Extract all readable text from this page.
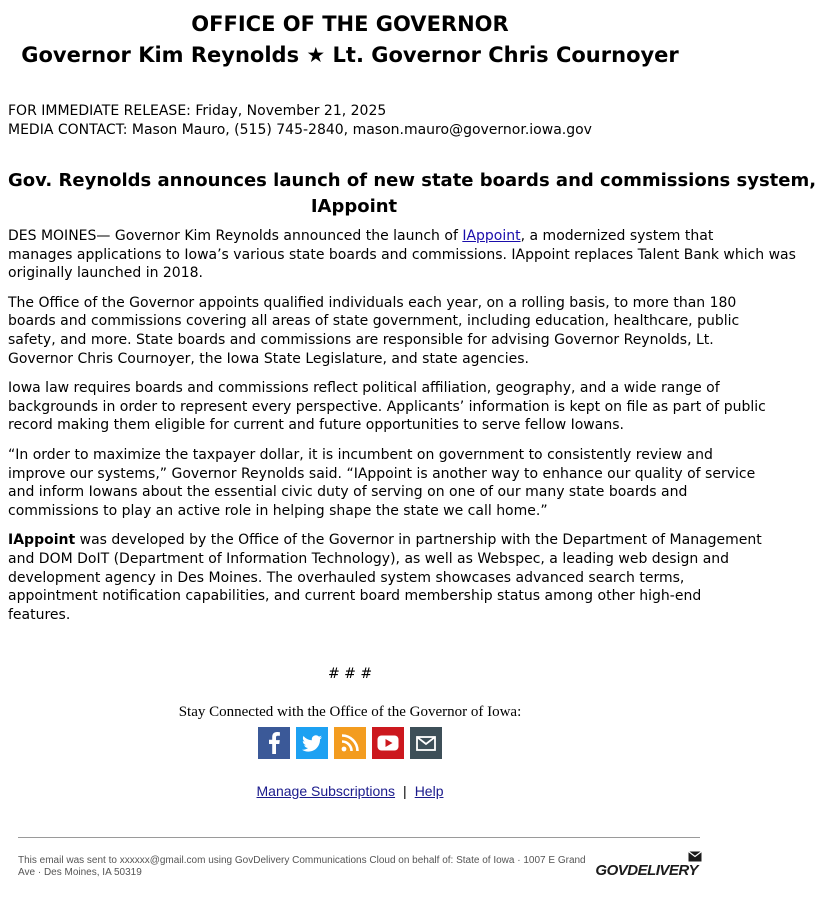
OFFICE OF THE GOVERNOR
Governor Kim Reynolds ★ Lt. Governor Chris Cournoyer
FOR IMMEDIATE RELEASE: Friday, November 21, 2025
MEDIA CONTACT: Mason Mauro, (515) 745-2840, mason.mauro@governor.iowa.gov
Gov. Reynolds announces launch of new state boards and commissions system,
IAppoint

DES MOINES— Governor Kim Reynolds announced the launch of IAppoint, a modernized system that
manages applications to Iowa’s various state boards and commissions. IAppoint replaces Talent Bank which was
originally launched in 2018.

The Office of the Governor appoints qualified individuals each year, on a rolling basis, to more than 180
boards and commissions covering all areas of state government, including education, healthcare, public
safety, and more. State boards and commissions are responsible for advising Governor Reynolds, Lt.
Governor Chris Cournoyer, the Iowa State Legislature, and state agencies.

Iowa law requires boards and commissions reflect political affiliation, geography, and a wide range of
backgrounds in order to represent every perspective. Applicants’ information is kept on file as part of public
record making them eligible for current and future opportunities to serve fellow Iowans.

“In order to maximize the taxpayer dollar, it is incumbent on government to consistently review and
improve our systems,” Governor Reynolds said. “IAppoint is another way to enhance our quality of service
and inform Iowans about the essential civic duty of serving on one of our many state boards and
commissions to play an active role in helping shape the state we call home.”

IAppoint was developed by the Office of the Governor in partnership with the Department of Management
and DOM DoIT (Department of Information Technology), as well as Webspec, a leading web design and
development agency in Des Moines. The overhauled system showcases advanced search terms,
appointment notification capabilities, and current board membership status among other high-end
features.

# # #
Stay Connected with the Office of the Governor of Iowa:
Manage Subscriptions | Help
This email was sent to xxxxxx@gmail.com using GovDelivery Communications Cloud on behalf of: State of Iowa · 1007 E Grand Ave · Des Moines, IA 50319	GOVDELIVERY
